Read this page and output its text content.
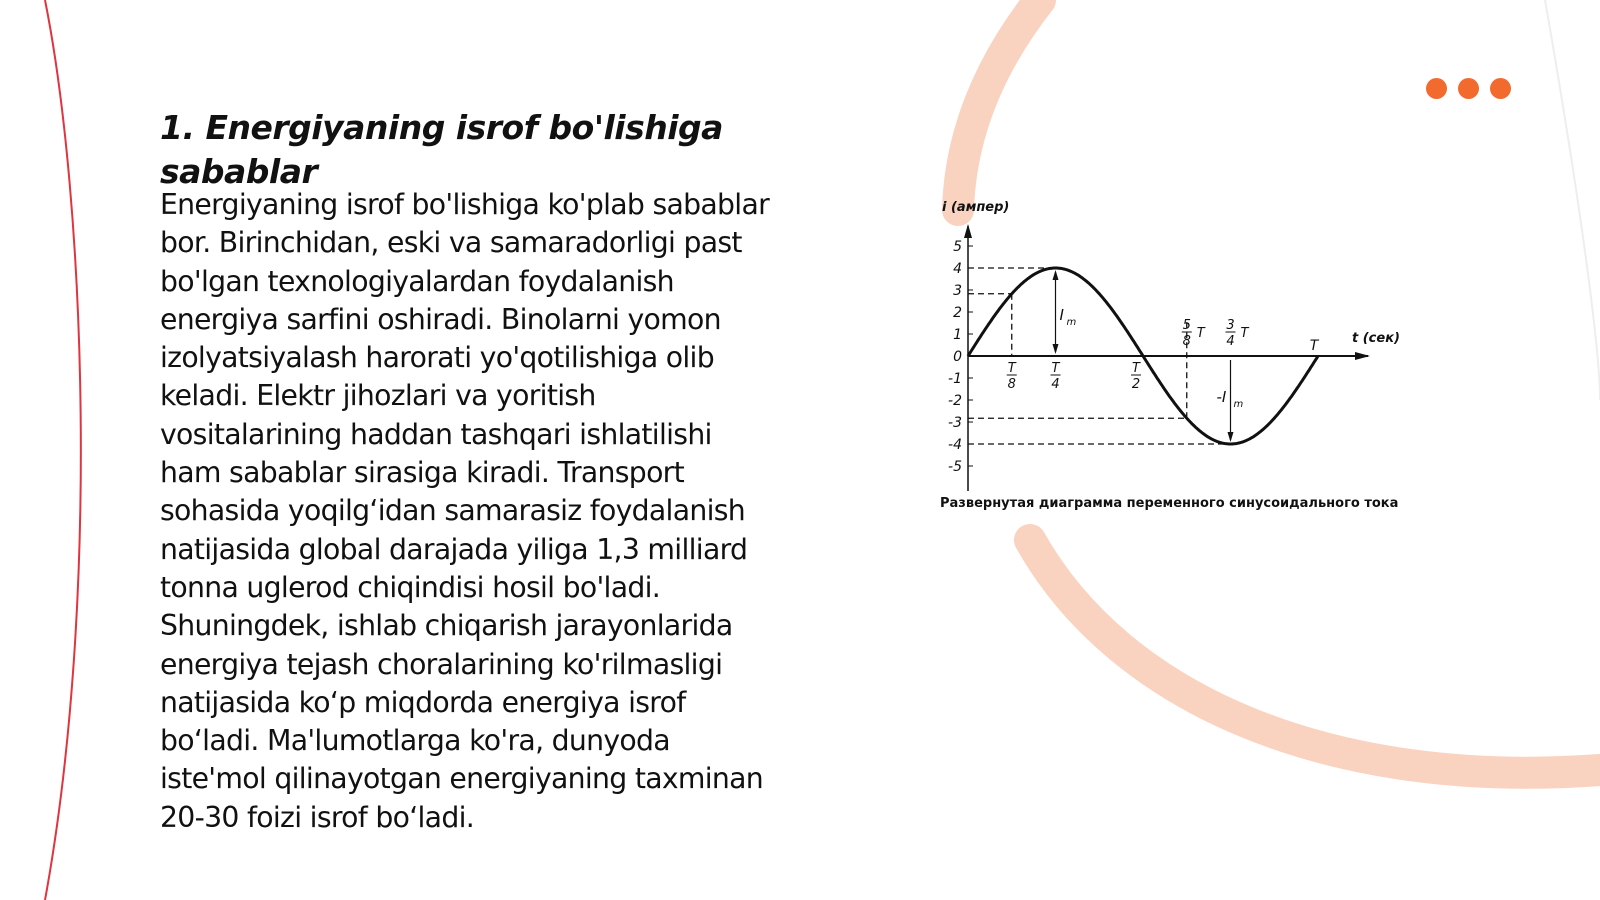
1. Energiyaning isrof bo'lishiga sabablar

Energiyaning isrof bo'lishiga ko'plab sabablar
bor. Birinchidan, eski va samaradorligi past
bo'lgan texnologiyalardan foydalanish
energiya sarfini oshiradi. Binolarni yomon
izolyatsiyalash harorati yo'qotilishiga olib
keladi. Elektr jihozlari va yoritish
vositalarining haddan tashqari ishlatilishi
ham sabablar sirasiga kiradi. Transport
sohasida yoqilg‘idan samarasiz foydalanish
natijasida global darajada yiliga 1,3 milliard
tonna uglerod chiqindisi hosil bo'ladi.
Shuningdek, ishlab chiqarish jarayonlarida
energiya tejash choralarining ko'rilmasligi
natijasida ko‘p miqdorda energiya isrof
bo‘ladi. Ma'lumotlarga ko'ra, dunyoda
iste'mol qilinayotgan energiyaning taxminan
20-30 foizi isrof bo‘ladi.

i (ампер)
t (сек)
5
4
3
2
1
0
-1
-2
-3
-4
-5
I m
-I m
T
8
T
4
T
2
5
8
T
3
4
T
T
Развернутая диаграмма переменного синусоидального тока
